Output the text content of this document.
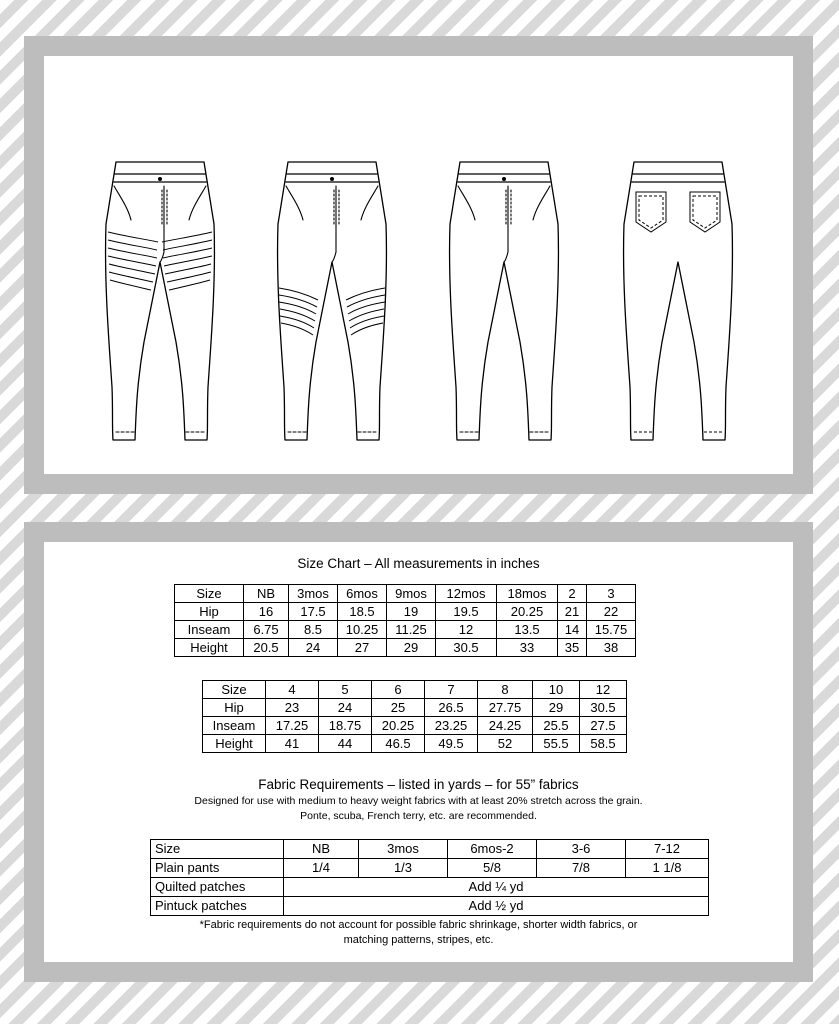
Size Chart – All measurements in inches
Size	NB	3mos	6mos	9mos	12mos	18mos	2	3
Hip	16	17.5	18.5	19	19.5	20.25	21	22
Inseam	6.75	8.5	10.25	11.25	12	13.5	14	15.75
Height	20.5	24	27	29	30.5	33	35	38
Size	4	5	6	7	8	10	12
Hip	23	24	25	26.5	27.75	29	30.5
Inseam	17.25	18.75	20.25	23.25	24.25	25.5	27.5
Height	41	44	46.5	49.5	52	55.5	58.5
Fabric Requirements – listed in yards – for 55” fabrics
Designed for use with medium to heavy weight fabrics with at least 20% stretch across the grain.
Ponte, scuba, French terry, etc. are recommended.
Size	NB	3mos	6mos-2	3-6	7-12
Plain pants	1/4	1/3	5/8	7/8	1 1/8
Quilted patches	Add ¼ yd				
Pintuck patches	Add ½ yd				
*Fabric requirements do not account for possible fabric shrinkage, shorter width fabrics, or
matching patterns, stripes, etc.
